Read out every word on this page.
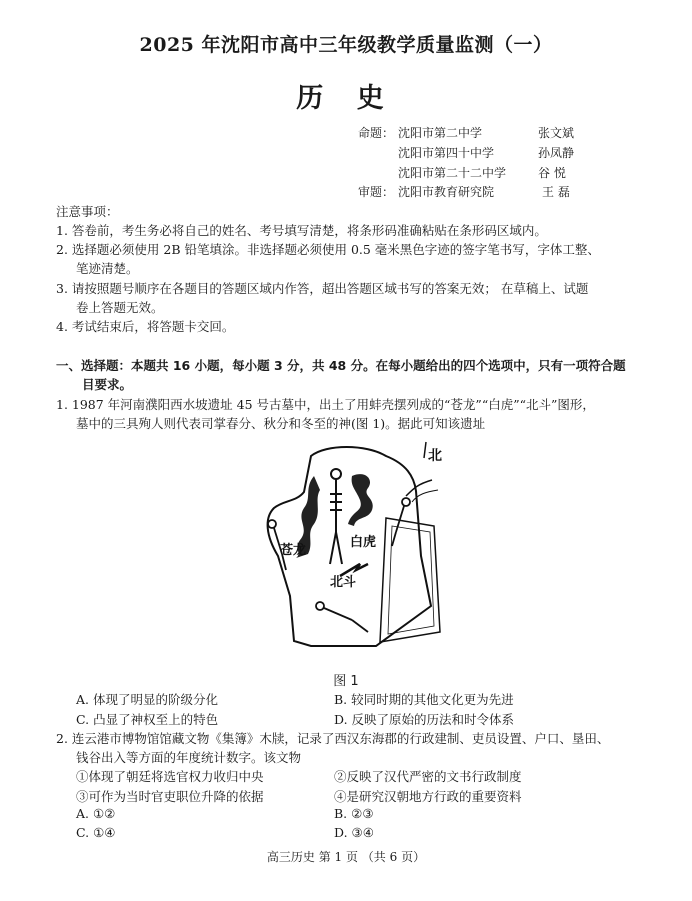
2025 年沈阳市高中三年级教学质量监测（一）
历 史
命题： 沈阳市第二中学	张文斌
沈阳市第四十中学	孙凤静
沈阳市第二十二中学	谷 悦
审题： 沈阳市教育研究院	王 磊
注意事项：
1. 答卷前，考生务必将自己的姓名、考号填写清楚，将条形码准确粘贴在条形码区域内。
2. 选择题必须使用 2B 铅笔填涂。非选择题必须使用 0.5 毫米黑色字迹的签字笔书写，字体工整、
笔迹清楚。
3. 请按照题号顺序在各题目的答题区域内作答，超出答题区域书写的答案无效； 在草稿上、试题
卷上答题无效。
4. 考试结束后，将答题卡交回。
一、选择题：本题共 16 小题，每小题 3 分，共 48 分。在每小题给出的四个选项中，只有一项符合题
目要求。
1. 1987 年河南濮阳西水坡遗址 45 号古墓中，出土了用蚌壳摆列成的“苍龙”“白虎”“北斗”图形，
墓中的三具殉人则代表司掌春分、秋分和冬至的神(图 1)。据此可知该遗址
北
苍龙
白虎
北斗
图 1
A. 体现了明显的阶级分化	B. 较同时期的其他文化更为先进
C. 凸显了神权至上的特色	D. 反映了原始的历法和时令体系
2. 连云港市博物馆馆藏文物《集簿》木牍，记录了西汉东海郡的行政建制、吏员设置、户口、垦田、
钱谷出入等方面的年度统计数字。该文物
①体现了朝廷将选官权力收归中央	②反映了汉代严密的文书行政制度
③可作为当时官吏职位升降的依据	④是研究汉朝地方行政的重要资料
A. ①②	B. ②③
C. ①④	D. ③④
高三历史 第 1 页 （共 6 页）
